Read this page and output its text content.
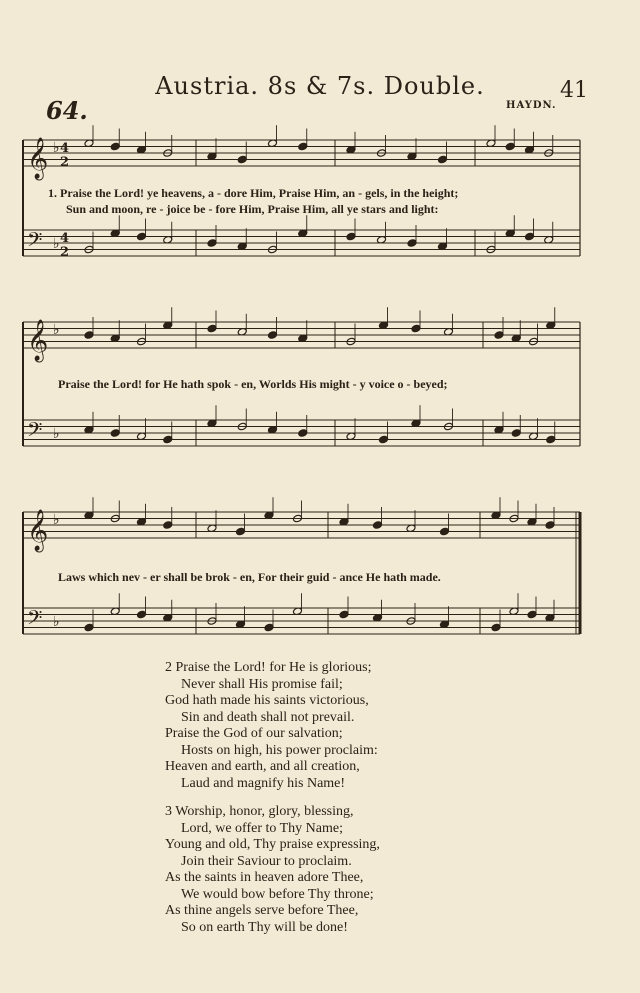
41
64.
Austria. 8s & 7s. Double.
HAYDN.
𝄞 ♭
𝄢 ♭
𝄞 ♭
𝄢 ♭
𝄞 ♭
𝄢 ♭
4
2
4
2
1. Praise the Lord! ye heavens, a - dore Him, Praise Him, an - gels, in the height;
Sun and moon, re - joice be - fore Him, Praise Him, all ye stars and light:
Praise the Lord! for He hath spok - en, Worlds His might - y voice o - beyed;
Laws which nev - er shall be brok - en, For their guid - ance He hath made.
2 Praise the Lord! for He is glorious;
Never shall His promise fail;
God hath made his saints victorious,
Sin and death shall not prevail.
Praise the God of our salvation;
Hosts on high, his power proclaim:
Heaven and earth, and all creation,
Laud and magnify his Name!
3 Worship, honor, glory, blessing,
Lord, we offer to Thy Name;
Young and old, Thy praise expressing,
Join their Saviour to proclaim.
As the saints in heaven adore Thee,
We would bow before Thy throne;
As thine angels serve before Thee,
So on earth Thy will be done!
